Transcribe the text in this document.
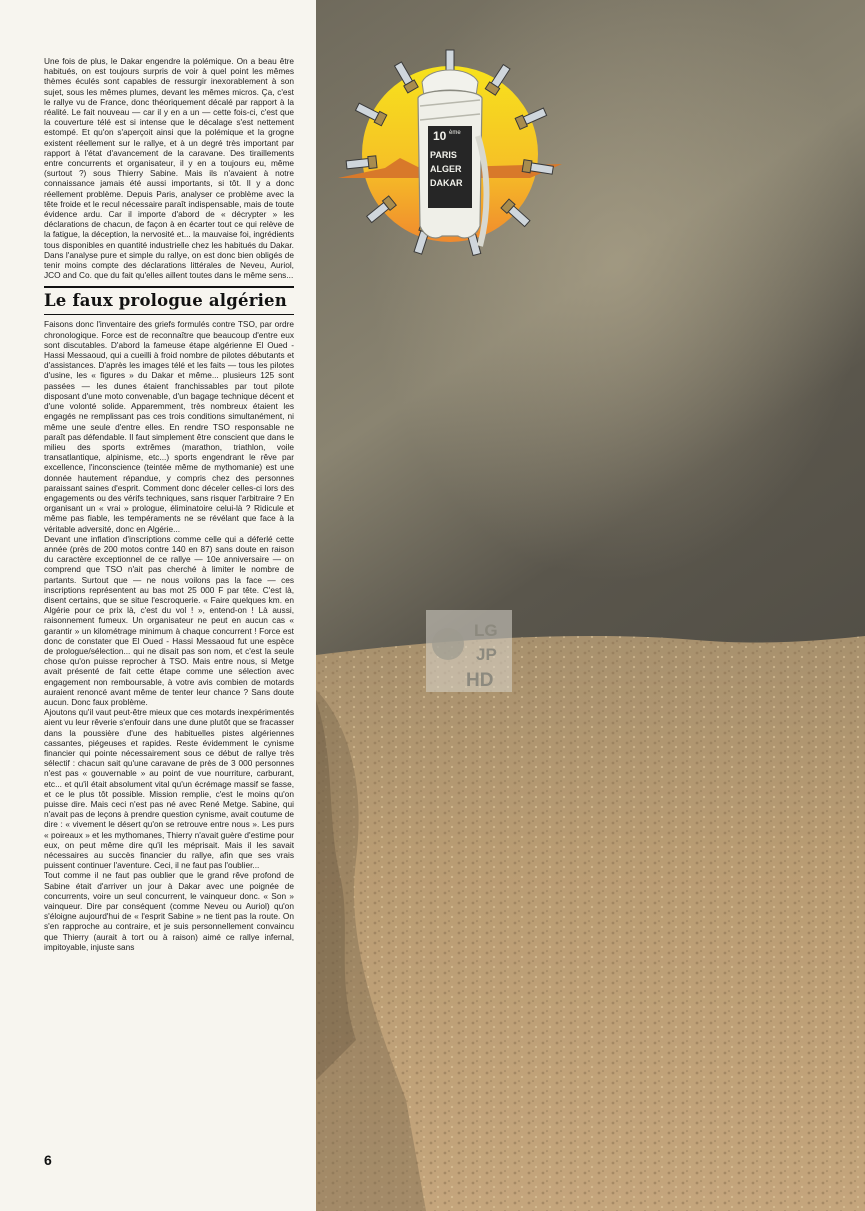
Une fois de plus, le Dakar engendre la polémique. On a beau être habitués, on est toujours surpris de voir à quel point les mêmes thèmes éculés sont capables de ressurgir inexorablement à son sujet, sous les mêmes plumes, devant les mêmes micros. Ça, c'est le rallye vu de France, donc théoriquement décalé par rapport à la réalité. Le fait nouveau — car il y en a un — cette fois-ci, c'est que la couverture télé est si intense que le décalage s'est nettement estompé. Et qu'on s'aperçoit ainsi que la polémique et la grogne existent réellement sur le rallye, et à un degré très important par rapport à l'état d'avancement de la caravane. Des tiraillements entre concurrents et organisateur, il y en a toujours eu, même (surtout ?) sous Thierry Sabine. Mais ils n'avaient à notre connaissance jamais été aussi importants, si tôt. Il y a donc réellement problème. Depuis Paris, analyser ce problème avec la tête froide et le recul nécessaire paraît indispensable, mais de toute évidence ardu. Car il importe d'abord de « décrypter » les déclarations de chacun, de façon à en écarter tout ce qui relève de la fatigue, la déception, la nervosité et... la mauvaise foi, ingrédients tous disponibles en quantité industrielle chez les habitués du Dakar. Dans l'analyse pure et simple du rallye, on est donc bien obligés de tenir moins compte des déclarations littérales de Neveu, Auriol, JCO and Co. que du fait qu'elles aillent toutes dans le même sens...

Le faux prologue algérien

Faisons donc l'inventaire des griefs formulés contre TSO, par ordre chronologique. Force est de reconnaître que beaucoup d'entre eux sont discutables. D'abord la fameuse étape algérienne El Oued - Hassi Messaoud, qui a cueilli à froid nombre de pilotes débutants et d'assistances. D'après les images télé et les faits — tous les pilotes d'usine, les « figures » du Dakar et même... plusieurs 125 sont passées — les dunes étaient franchissables par tout pilote disposant d'une moto convenable, d'un bagage technique décent et d'une volonté solide. Apparemment, très nombreux étaient les engagés ne remplissant pas ces trois conditions simultanément, ni même une seule d'entre elles. En rendre TSO responsable ne paraît pas défendable. Il faut simplement être conscient que dans le milieu des sports extrêmes (marathon, triathlon, voile transatlantique, alpinisme, etc...) sports engendrant le rêve par excellence, l'inconscience (teintée même de mythomanie) est une donnée hautement répandue, y compris chez des personnes paraissant saines d'esprit. Comment donc déceler celles-ci lors des engagements ou des vérifs techniques, sans risquer l'arbitraire ? En organisant un « vrai » prologue, éliminatoire celui-là ? Ridicule et même pas fiable, les tempéraments ne se révélant que face à la véritable adversité, donc en Algérie...

Devant une inflation d'inscriptions comme celle qui a déferlé cette année (près de 200 motos contre 140 en 87) sans doute en raison du caractère exceptionnel de ce rallye — 10e anniversaire — on comprend que TSO n'ait pas cherché à limiter le nombre de partants. Surtout que — ne nous voilons pas la face — ces inscriptions représentent au bas mot 25 000 F par tête. C'est là, disent certains, que se situe l'escroquerie. « Faire quelques km. en Algérie pour ce prix là, c'est du vol ! », entend-on ! Là aussi, raisonnement fumeux. Un organisateur ne peut en aucun cas « garantir » un kilométrage minimum à chaque concurrent ! Force est donc de constater que El Oued - Hassi Messaoud fut une espèce de prologue/sélection... qui ne disait pas son nom, et c'est la seule chose qu'on puisse reprocher à TSO. Mais entre nous, si Metge avait présenté de fait cette étape comme une sélection avec engagement non remboursable, à votre avis combien de motards auraient renoncé avant même de tenter leur chance ? Sans doute aucun. Donc faux problème.

Ajoutons qu'il vaut peut-être mieux que ces motards inexpérimentés aient vu leur rêverie s'enfouir dans une dune plutôt que se fracasser dans la poussière d'une des habituelles pistes algériennes cassantes, piégeuses et rapides. Reste évidemment le cynisme financier qui pointe nécessairement sous ce début de rallye très sélectif : chacun sait qu'une caravane de près de 3 000 personnes n'est pas « gouvernable » au point de vue nourriture, carburant, etc... et qu'il était absolument vital qu'un écrémage massif se fasse, et ce le plus tôt possible. Mission remplie, c'est le moins qu'on puisse dire. Mais ceci n'est pas né avec René Metge. Sabine, qui n'avait pas de leçons à prendre question cynisme, avait coutume de dire : « vivement le désert qu'on se retrouve entre nous ». Les purs « poireaux » et les mythomanes, Thierry n'avait guère d'estime pour eux, on peut même dire qu'il les méprisait. Mais il les savait nécessaires au succès financier du rallye, afin que ses vrais puissent continuer l'aventure. Ceci, il ne faut pas l'oublier...

Tout comme il ne faut pas oublier que le grand rêve profond de Sabine était d'arriver un jour à Dakar avec une poignée de concurrents, voire un seul concurrent, le vainqueur donc. « Son » vainqueur. Dire par conséquent (comme Neveu ou Auriol) qu'on s'éloigne aujourd'hui de « l'esprit Sabine » ne tient pas la route. On s'en rapproche au contraire, et je suis personnellement convaincu que Thierry (aurait à tort ou à raison) aimé ce rallye infernal, impitoyable, injuste sans

6
10 ème
PARIS
ALGER
DAKAR
LG
JP
HD
